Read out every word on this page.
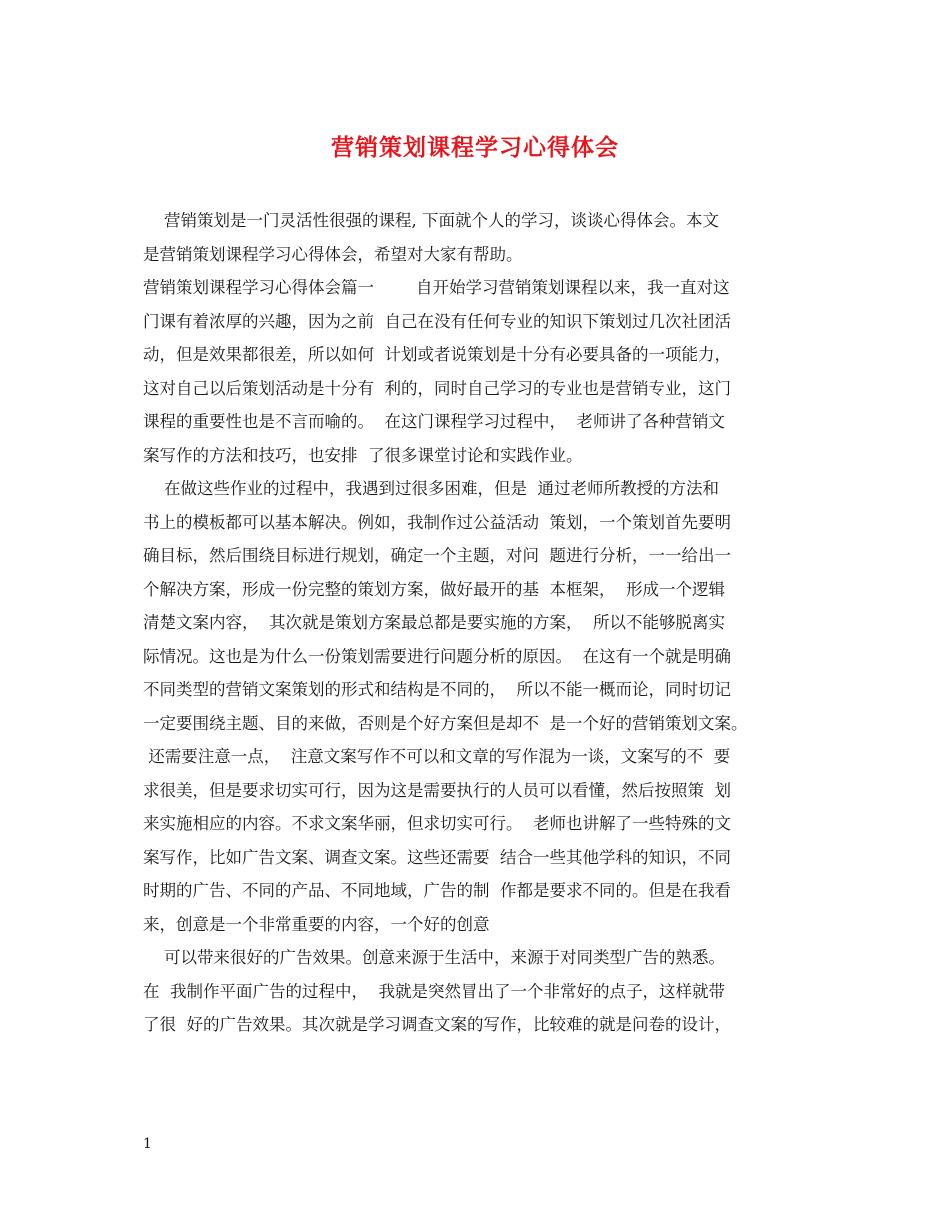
营销策划课程学习心得体会
营销策划是一门灵活性很强的课程, 下面就个人的学习，谈谈心得体会。本文
是营销策划课程学习心得体会，希望对大家有帮助。
营销策划课程学习心得体会篇一        自开始学习营销策划课程以来，我一直对这
门课有着浓厚的兴趣，因为之前  自己在没有任何专业的知识下策划过几次社团活
动，但是效果都很差，所以如何  计划或者说策划是十分有必要具备的一项能力，
这对自己以后策划活动是十分有  利的，同时自己学习的专业也是营销专业，这门
课程的重要性也是不言而喻的。  在这门课程学习过程中，  老师讲了各种营销文
案写作的方法和技巧，也安排  了很多课堂讨论和实践作业。
在做这些作业的过程中，我遇到过很多困难，但是  通过老师所教授的方法和
书上的模板都可以基本解决。例如，我制作过公益活动  策划，一个策划首先要明
确目标，然后围绕目标进行规划，确定一个主题，对问  题进行分析，一一给出一
个解决方案，形成一份完整的策划方案，做好最开的基  本框架，  形成一个逻辑
清楚文案内容，  其次就是策划方案最总都是要实施的方案，  所以不能够脱离实
际情况。这也是为什么一份策划需要进行问题分析的原因。  在这有一个就是明确
不同类型的营销文案策划的形式和结构是不同的，  所以不能一概而论，同时切记
一定要围绕主题、目的来做，否则是个好方案但是却不  是一个好的营销策划文案。
还需要注意一点，  注意文案写作不可以和文章的写作混为一谈，文案写的不  要
求很美，但是要求切实可行，因为这是需要执行的人员可以看懂，然后按照策  划
来实施相应的内容。不求文案华丽，但求切实可行。  老师也讲解了一些特殊的文
案写作，比如广告文案、调查文案。这些还需要  结合一些其他学科的知识，不同
时期的广告、不同的产品、不同地域，广告的制  作都是要求不同的。但是在我看
来，创意是一个非常重要的内容，一个好的创意
可以带来很好的广告效果。创意来源于生活中，来源于对同类型广告的熟悉。
在  我制作平面广告的过程中，  我就是突然冒出了一个非常好的点子，这样就带
了很  好的广告效果。其次就是学习调查文案的写作，比较难的就是问卷的设计，
1
